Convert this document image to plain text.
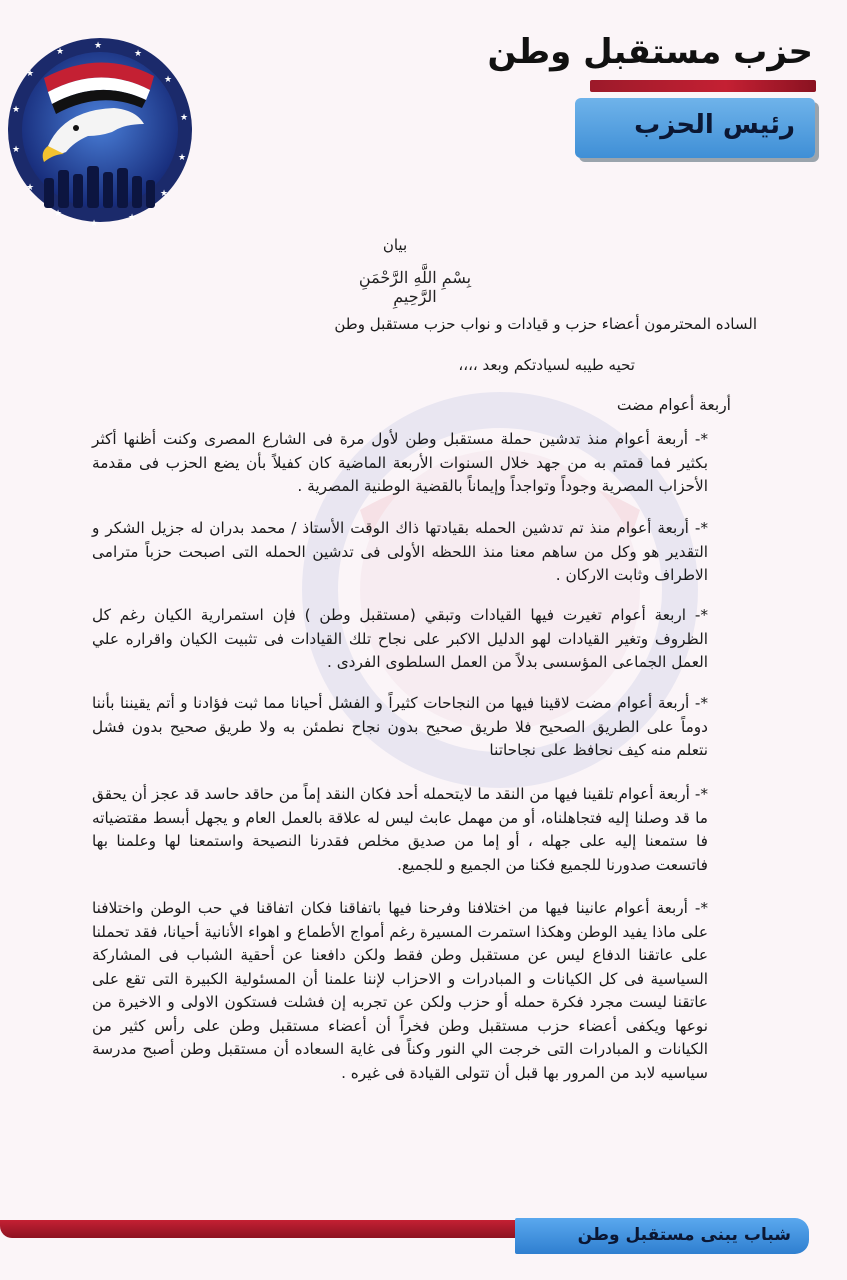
★
★
★
★
★
★
★
★
★
★
★
★
★
★	حزب مستقبل وطن
رئيس الحزب
بيان
بِسْمِ اللَّهِ الرَّحْمَنِ الرَّحِيمِ
الساده المحترمون أعضاء حزب و قيادات و نواب حزب مستقبل وطن
تحيه طيبه لسيادتكم وبعد ،،،،
أربعة أعوام مضت
*- أربعة أعوام منذ تدشين حملة مستقبل وطن لأول مرة فى الشارع المصرى وكنت أظنها أكثر بكثير فما قمتم به من جهد خلال السنوات الأربعة الماضية كان كفيلاً بأن يضع الحزب فى مقدمة الأحزاب المصرية وجوداً وتواجداً وإيماناً بالقضية الوطنية المصرية .
*- أربعة أعوام منذ تم تدشين الحمله بقيادتها ذاك الوقت الأستاذ / محمد بدران له جزيل الشكر و التقدير هو وكل من ساهم معنا منذ اللحظه الأولى فى تدشين الحمله التى اصبحت حزباً مترامى الاطراف وثابت الاركان .
*- اربعة أعوام تغيرت فيها القيادات وتبقي (مستقبل وطن ) فإن استمرارية الكيان رغم كل الظروف وتغير القيادات لهو الدليل الاكبر على نجاح تلك القيادات فى تثبيت الكيان واقراره علي العمل الجماعى المؤسسى بدلاً من العمل السلطوى الفردى .
*- أربعة أعوام مضت لاقينا فيها من النجاحات كثيراً و الفشل أحيانا مما ثبت فؤادنا و أتم يقيننا بأننا دوماً على الطريق الصحيح فلا طريق صحيح بدون نجاح نطمئن به ولا طريق صحيح بدون فشل نتعلم منه كيف نحافظ على نجاحاتنا
*- أربعة أعوام تلقينا فيها من النقد ما لايتحمله أحد فكان النقد إماً من حاقد حاسد قد عجز أن يحقق ما قد وصلنا إليه فتجاهلناه، أو من مهمل عابث ليس له علاقة بالعمل العام و يجهل أبسط مقتضياته فا ستمعنا إليه على جهله ، أو إما من صديق مخلص فقدرنا النصيحة واستمعنا لها وعلمنا بها فاتسعت صدورنا للجميع فكنا من الجميع و للجميع.
*- أربعة أعوام عانينا فيها من اختلافنا وفرحنا فيها باتفاقنا فكان اتفاقنا في حب الوطن واختلافنا على ماذا يفيد الوطن وهكذا استمرت المسيرة رغم أمواج الأطماع و اهواء الأنانية أحيانا، فقد تحملنا على عاتقنا الدفاع ليس عن مستقبل وطن فقط ولكن دافعنا عن أحقية الشباب فى المشاركة السياسية فى كل الكيانات و المبادرات و الاحزاب لإننا علمنا أن المسئولية الكبيرة التى تقع على عاتقنا ليست مجرد فكرة حمله أو حزب ولكن عن تجربه إن فشلت فستكون الاولى و الاخيرة من نوعها ويكفى أعضاء حزب مستقبل وطن فخراً أن أعضاء مستقبل وطن على رأس كثير من الكيانات و المبادرات التى خرجت الي النور وكناً فى غاية السعاده أن مستقبل وطن أصبح مدرسة سياسيه لابد من المرور بها قبل أن تتولى القيادة فى غيره .
شباب يبنى مستقبل وطن
